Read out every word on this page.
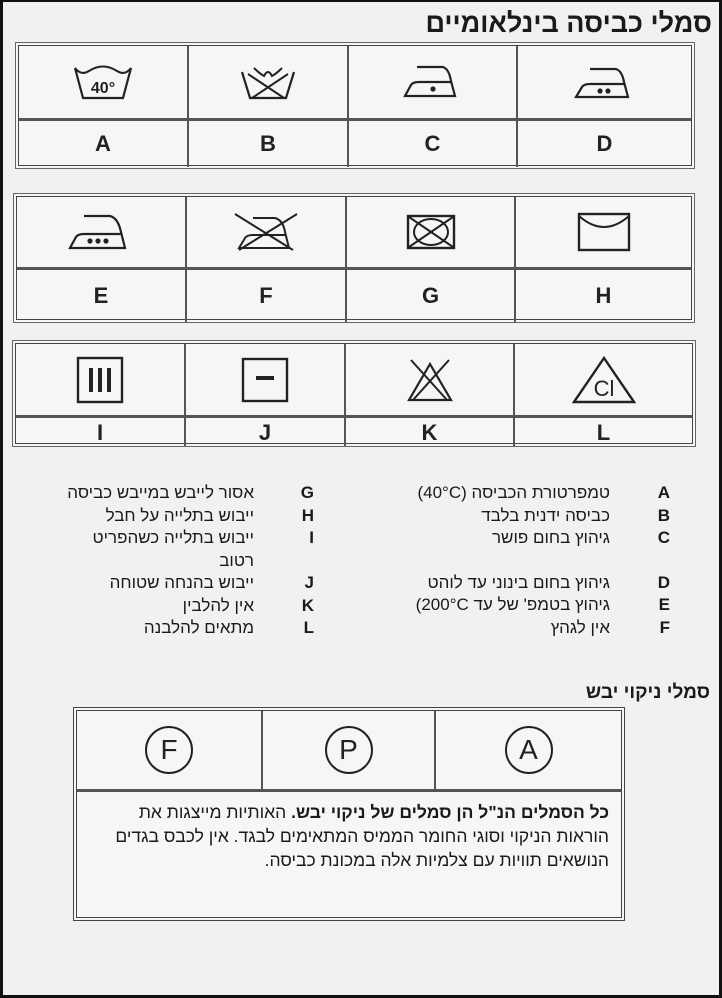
סמלי כביסה בינלאומיים
40°
A	B	C	D
E	F	G	H
Cl
I	J	K	L
A
טמפרטורת הכביסה (40°C)
B
כביסה ידנית בלבד
C
גיהוץ בחום פושר
D
גיהוץ בחום בינוני עד לוהט
E
גיהוץ בטמפ' של עד 200°C)
F
אין לגהץ
G
אסור לייבש במייבש כביסה
H
ייבוש בתלייה על חבל
I
ייבוש בתלייה כשהפריט רטוב
J
ייבוש בהנחה שטוחה
K
אין להלבין
L
מתאים להלבנה
סמלי ניקוי יבש
F	P	A
כל הסמלים הנ"ל הן סמלים של ניקוי יבש. האותיות מייצגות את הוראות הניקוי וסוגי החומר הממיס המתאימים לבגד. אין לכבס בגדים הנושאים תוויות עם צלמיות אלה במכונת כביסה.
